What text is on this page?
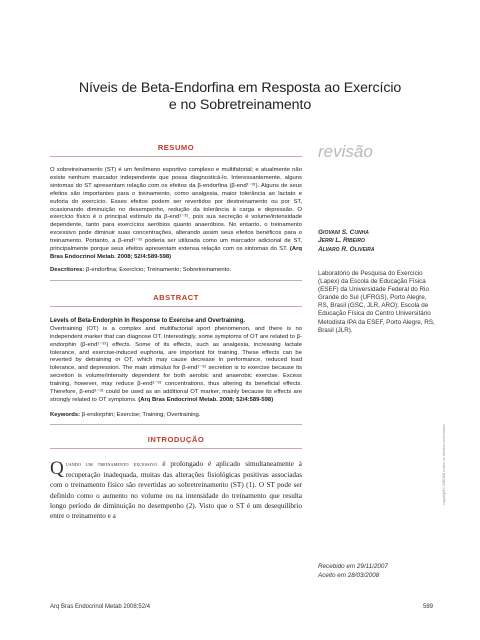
Níveis de Beta-Endorfina em Resposta ao Exercício
e no Sobretreinamento
RESUMO

O sobretreinamento (ST) é um fenômeno esportivo complexo e multifatorial; e atualmente não existe nenhum marcador independente que possa diagnosticá-lo. Interessantemente, alguns sintomas do ST apresentam relação com os efeitos da β-endorfina (β-end¹⁻³¹). Alguns de seus efeitos são importantes para o treinamento, como analgesia, maior tolerância ao lactato e euforia do exercício. Esses efeitos podem ser revertidos por destreinamento ou por ST, ocasionando diminuição no desempenho, redução da tolerância à carga e depressão. O exercício físico é o principal estímulo da β-end¹⁻³¹, pois sua secreção é volume/intensidade dependente, tanto para exercícios aeróbios quanto anaeróbios. No entanto, o treinamento excessivo pode diminuir suas concentrações, alterando assim seus efeitos benéficos para o treinamento. Portanto, a β-end¹⁻³¹ poderia ser utilizada como um marcador adicional de ST, principalmente porque seus efeitos apresentam extensa relação com os sintomas do ST. (Arq Bras Endocrinol Metab. 2008; 52/4:589-598)

Descritores: β-endorfina; Exercício; Treinamento; Sobretreinamento.

ABSTRACT
Levels of Beta-Endorphin In Response to Exercise and Overtraining.

Overtraining (OT) is a complex and multifactorial sport phenomenon, and there is no independent marker that can diagnose OT. Interestingly, some symptoms of OT are related to β-endorphin (β-end¹⁻³¹) effects. Some of its effects, such as analgesia, increasing lactate tolerance, and exercise-induced euphoria, are important for training. These effects can be reverted by detraining or OT, which may cause decrease in performance, reduced load tolerance, and depression. The main stimulus for β-end¹⁻³¹ secretion is to exercise because its secretion is volume/intensity dependent for both aerobic and anaerobic exercise. Excess training, however, may reduce β-end¹⁻³¹ concentrations, thus altering its beneficial effects. Therefore, β-end¹⁻³¹ could be used as an additional OT marker, mainly because its effects are strongly related to OT symptoms. (Arq Bras Endocrinol Metab. 2008; 52/4:589-598)

Keywords: β-endorphin; Exercise; Training; Overtraining.

INTRODUÇÃO

Quando um treinamento excessivo é prolongado é aplicado simultaneamente à recuperação inadequada, muitas das alterações fisiológicas positivas associadas com o treinamento físico são revertidas ao sobretreinamento (ST) (1). O ST pode ser definido como o aumento no volume ou na intensidade do treinamento que resulta longo período de diminuição no desempenho (2). Visto que o ST é um desequilíbrio entre o treinamento e a

revisão
Giovani S. Cunha
Jerri L. Ribeiro
Alvaro R. Oliveira
Laboratório de Pesquisa do Exercício (Lapex) da Escola de Educação Física (ESEF) da Universidade Federal do Rio Grande do Sul (UFRGS), Porto Alegre, RS, Brasil (GSC, JLR, ARO); Escola de Educação Física do Centro Universitário Metodista IPA da ESEF, Porto Alegre, RS, Brasil (JLR).
Recebido em 29/11/2007
Aceito em 28/03/2008
copyright© ABE&M todos os direitos reservados
Arq Bras Endocrinol Metab 2008;52/4	589
